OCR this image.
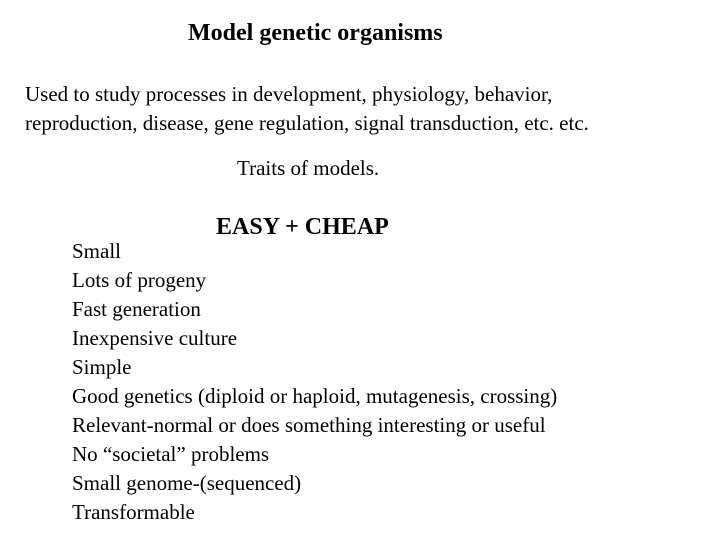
Model genetic organisms
Used to study processes in development, physiology, behavior,
reproduction, disease, gene regulation, signal transduction, etc. etc.
Traits of models.
EASY + CHEAP
Small
Lots of progeny
Fast generation
Inexpensive culture
Simple
Good genetics (diploid or haploid, mutagenesis, crossing)
Relevant-normal or does something interesting or useful
No “societal” problems
Small genome-(sequenced)
Transformable
